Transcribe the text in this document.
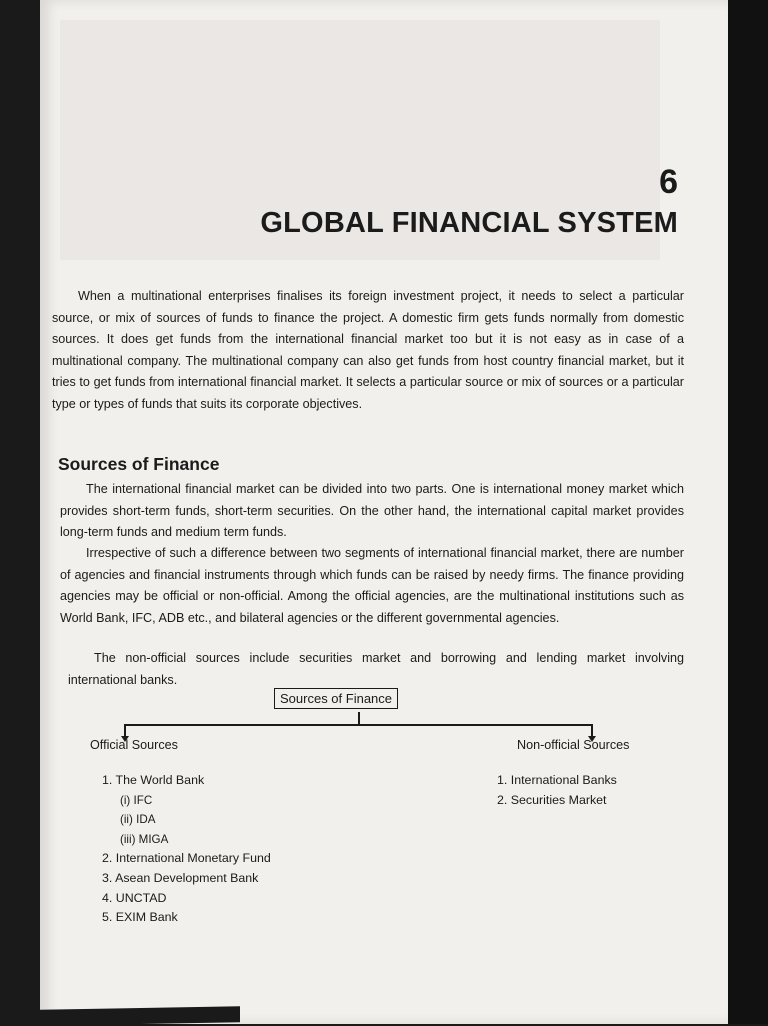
6
GLOBAL FINANCIAL SYSTEM
When a multinational enterprises finalises its foreign investment project, it needs to select a particular source, or mix of sources of funds to finance the project. A domestic firm gets funds normally from domestic sources. It does get funds from the international financial market too but it is not easy as in case of a multinational company. The multinational company can also get funds from host country financial market, but it tries to get funds from international financial market. It selects a particular source or mix of sources or a particular type or types of funds that suits its corporate objectives.
Sources of Finance
The international financial market can be divided into two parts. One is international money market which provides short-term funds, short-term securities. On the other hand, the international capital market provides long-term funds and medium term funds.
Irrespective of such a difference between two segments of international financial market, there are number of agencies and financial instruments through which funds can be raised by needy firms. The finance providing agencies may be official or non-official. Among the official agencies, are the multinational institutions such as World Bank, IFC, ADB etc., and bilateral agencies or the different governmental agencies.
The non-official sources include securities market and borrowing and lending market involving international banks.
Sources of Finance
Official Sources	Non-official Sources
1. The World Bank
(i) IFC
(ii) IDA
(iii) MIGA
2. International Monetary Fund
3. Asean Development Bank
4. UNCTAD
5. EXIM Bank
1. International Banks
2. Securities Market
